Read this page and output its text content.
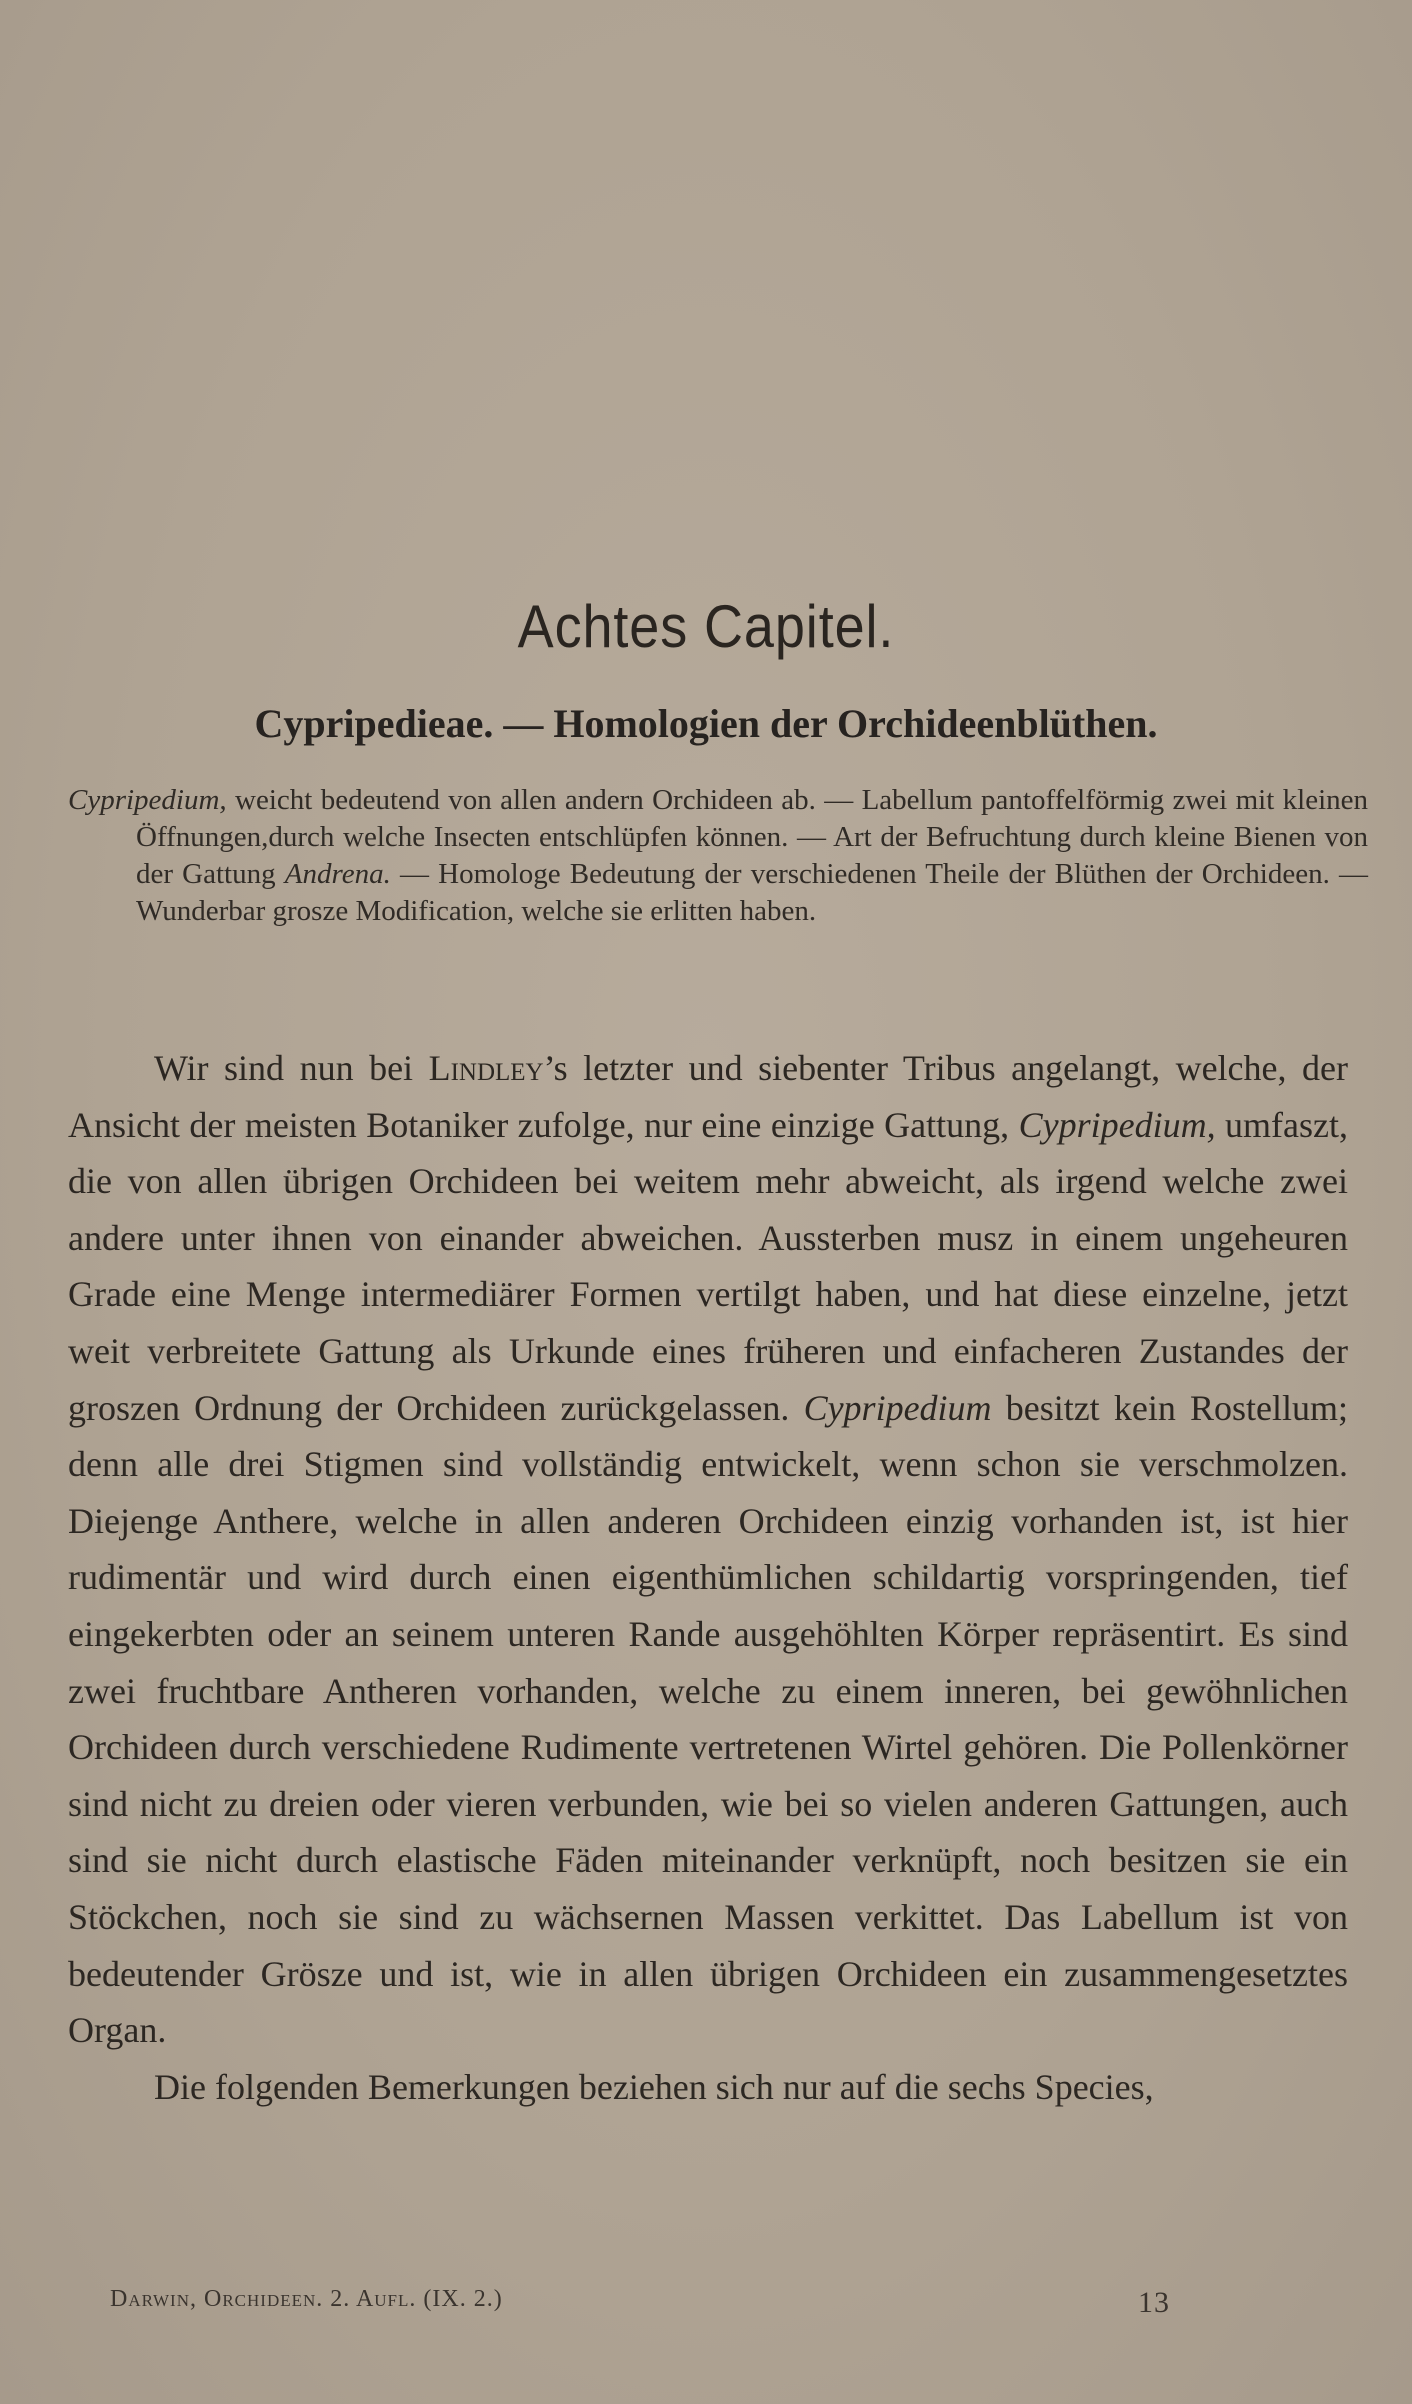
Achtes Capitel.
Cypripedieae. — Homologien der Orchideenblüthen.

Cypripedium, weicht bedeutend von allen andern Orchideen ab. — Labellum pantoffelförmig zwei mit kleinen Öffnungen,durch welche Insecten entschlüpfen können. — Art der Befruchtung durch kleine Bienen von der Gattung Andrena. — Homologe Bedeutung der verschiedenen Theile der Blüthen der Orchideen. — Wunderbar grosze Modification, welche sie erlitten haben.

Wir sind nun bei Lindley’s letzter und siebenter Tribus angelangt, welche, der Ansicht der meisten Botaniker zufolge, nur eine einzige Gattung, Cypripedium, umfaszt, die von allen übrigen Orchideen bei weitem mehr abweicht, als irgend welche zwei andere unter ihnen von einander abweichen. Aussterben musz in einem ungeheuren Grade eine Menge intermediärer Formen vertilgt haben, und hat diese einzelne, jetzt weit verbreitete Gattung als Urkunde eines früheren und einfacheren Zustandes der groszen Ordnung der Orchideen zurückgelassen. Cypripedium besitzt kein Rostellum; denn alle drei Stigmen sind vollständig entwickelt, wenn schon sie verschmolzen. Diejenge Anthere, welche in allen anderen Orchideen einzig vorhanden ist, ist hier rudimentär und wird durch einen eigenthümlichen schildartig vorspringenden, tief eingekerbten oder an seinem unteren Rande ausgehöhlten Körper repräsentirt. Es sind zwei fruchtbare Antheren vorhanden, welche zu einem inneren, bei gewöhnlichen Orchideen durch verschiedene Rudimente vertretenen Wirtel gehören. Die Pollenkörner sind nicht zu dreien oder vieren verbunden, wie bei so vielen anderen Gattungen, auch sind sie nicht durch elastische Fäden miteinander verknüpft, noch besitzen sie ein Stöckchen, noch sie sind zu wächsernen Massen verkittet. Das Labellum ist von bedeutender Grösze und ist, wie in allen übrigen Orchideen ein zusammengesetztes Organ.

Die folgenden Bemerkungen beziehen sich nur auf die sechs Species,

Darwin, Orchideen. 2. Aufl. (IX. 2.)	13
